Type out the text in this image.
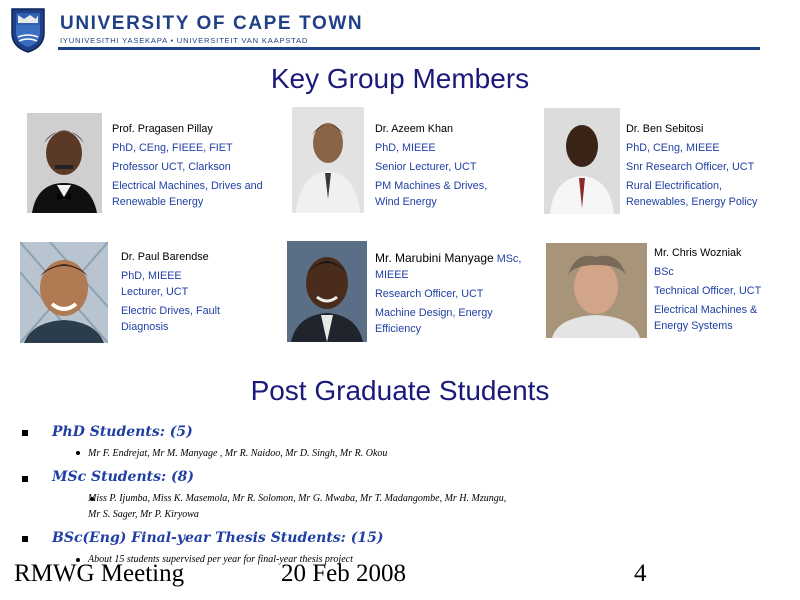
UNIVERSITY OF CAPE TOWN
IYUNIVESITHI YASEKAPA • UNIVERSITEIT VAN KAAPSTAD
Key Group Members
Prof. Pragasen Pillay
PhD, CEng, FIEEE, FIET
Professor UCT, Clarkson
Electrical Machines, Drives and
Renewable Energy
Dr. Azeem Khan
PhD, MIEEE
Senior Lecturer, UCT
PM Machines & Drives,
Wind Energy
Dr. Ben Sebitosi
PhD, CEng, MIEEE
Snr Research Officer, UCT
Rural Electrification,
Renewables, Energy Policy
Dr. Paul Barendse
PhD, MIEEE
Lecturer, UCT
Electric Drives, Fault
Diagnosis
Mr. Marubini Manyage MSc,
MIEEE
Research Officer, UCT
Machine Design, Energy
Efficiency
Mr. Chris Wozniak
BSc
Technical Officer, UCT
Electrical Machines &
Energy Systems
Post Graduate Students
PhD Students: (5)
Mr F. Endrejat, Mr M. Manyage , Mr R. Naidoo, Mr D. Singh, Mr R. Okou
MSc Students: (8)
Miss P. Ijumba, Miss K. Masemola, Mr R. Solomon, Mr G. Mwaba, Mr T. Madangombe, Mr H. Mzungu,
Mr S. Sager, Mr P. Kiryowa
BSc(Eng) Final-year Thesis Students: (15)
About 15 students supervised per year for final-year thesis project
RMWG Meeting	20 Feb 2008	4
